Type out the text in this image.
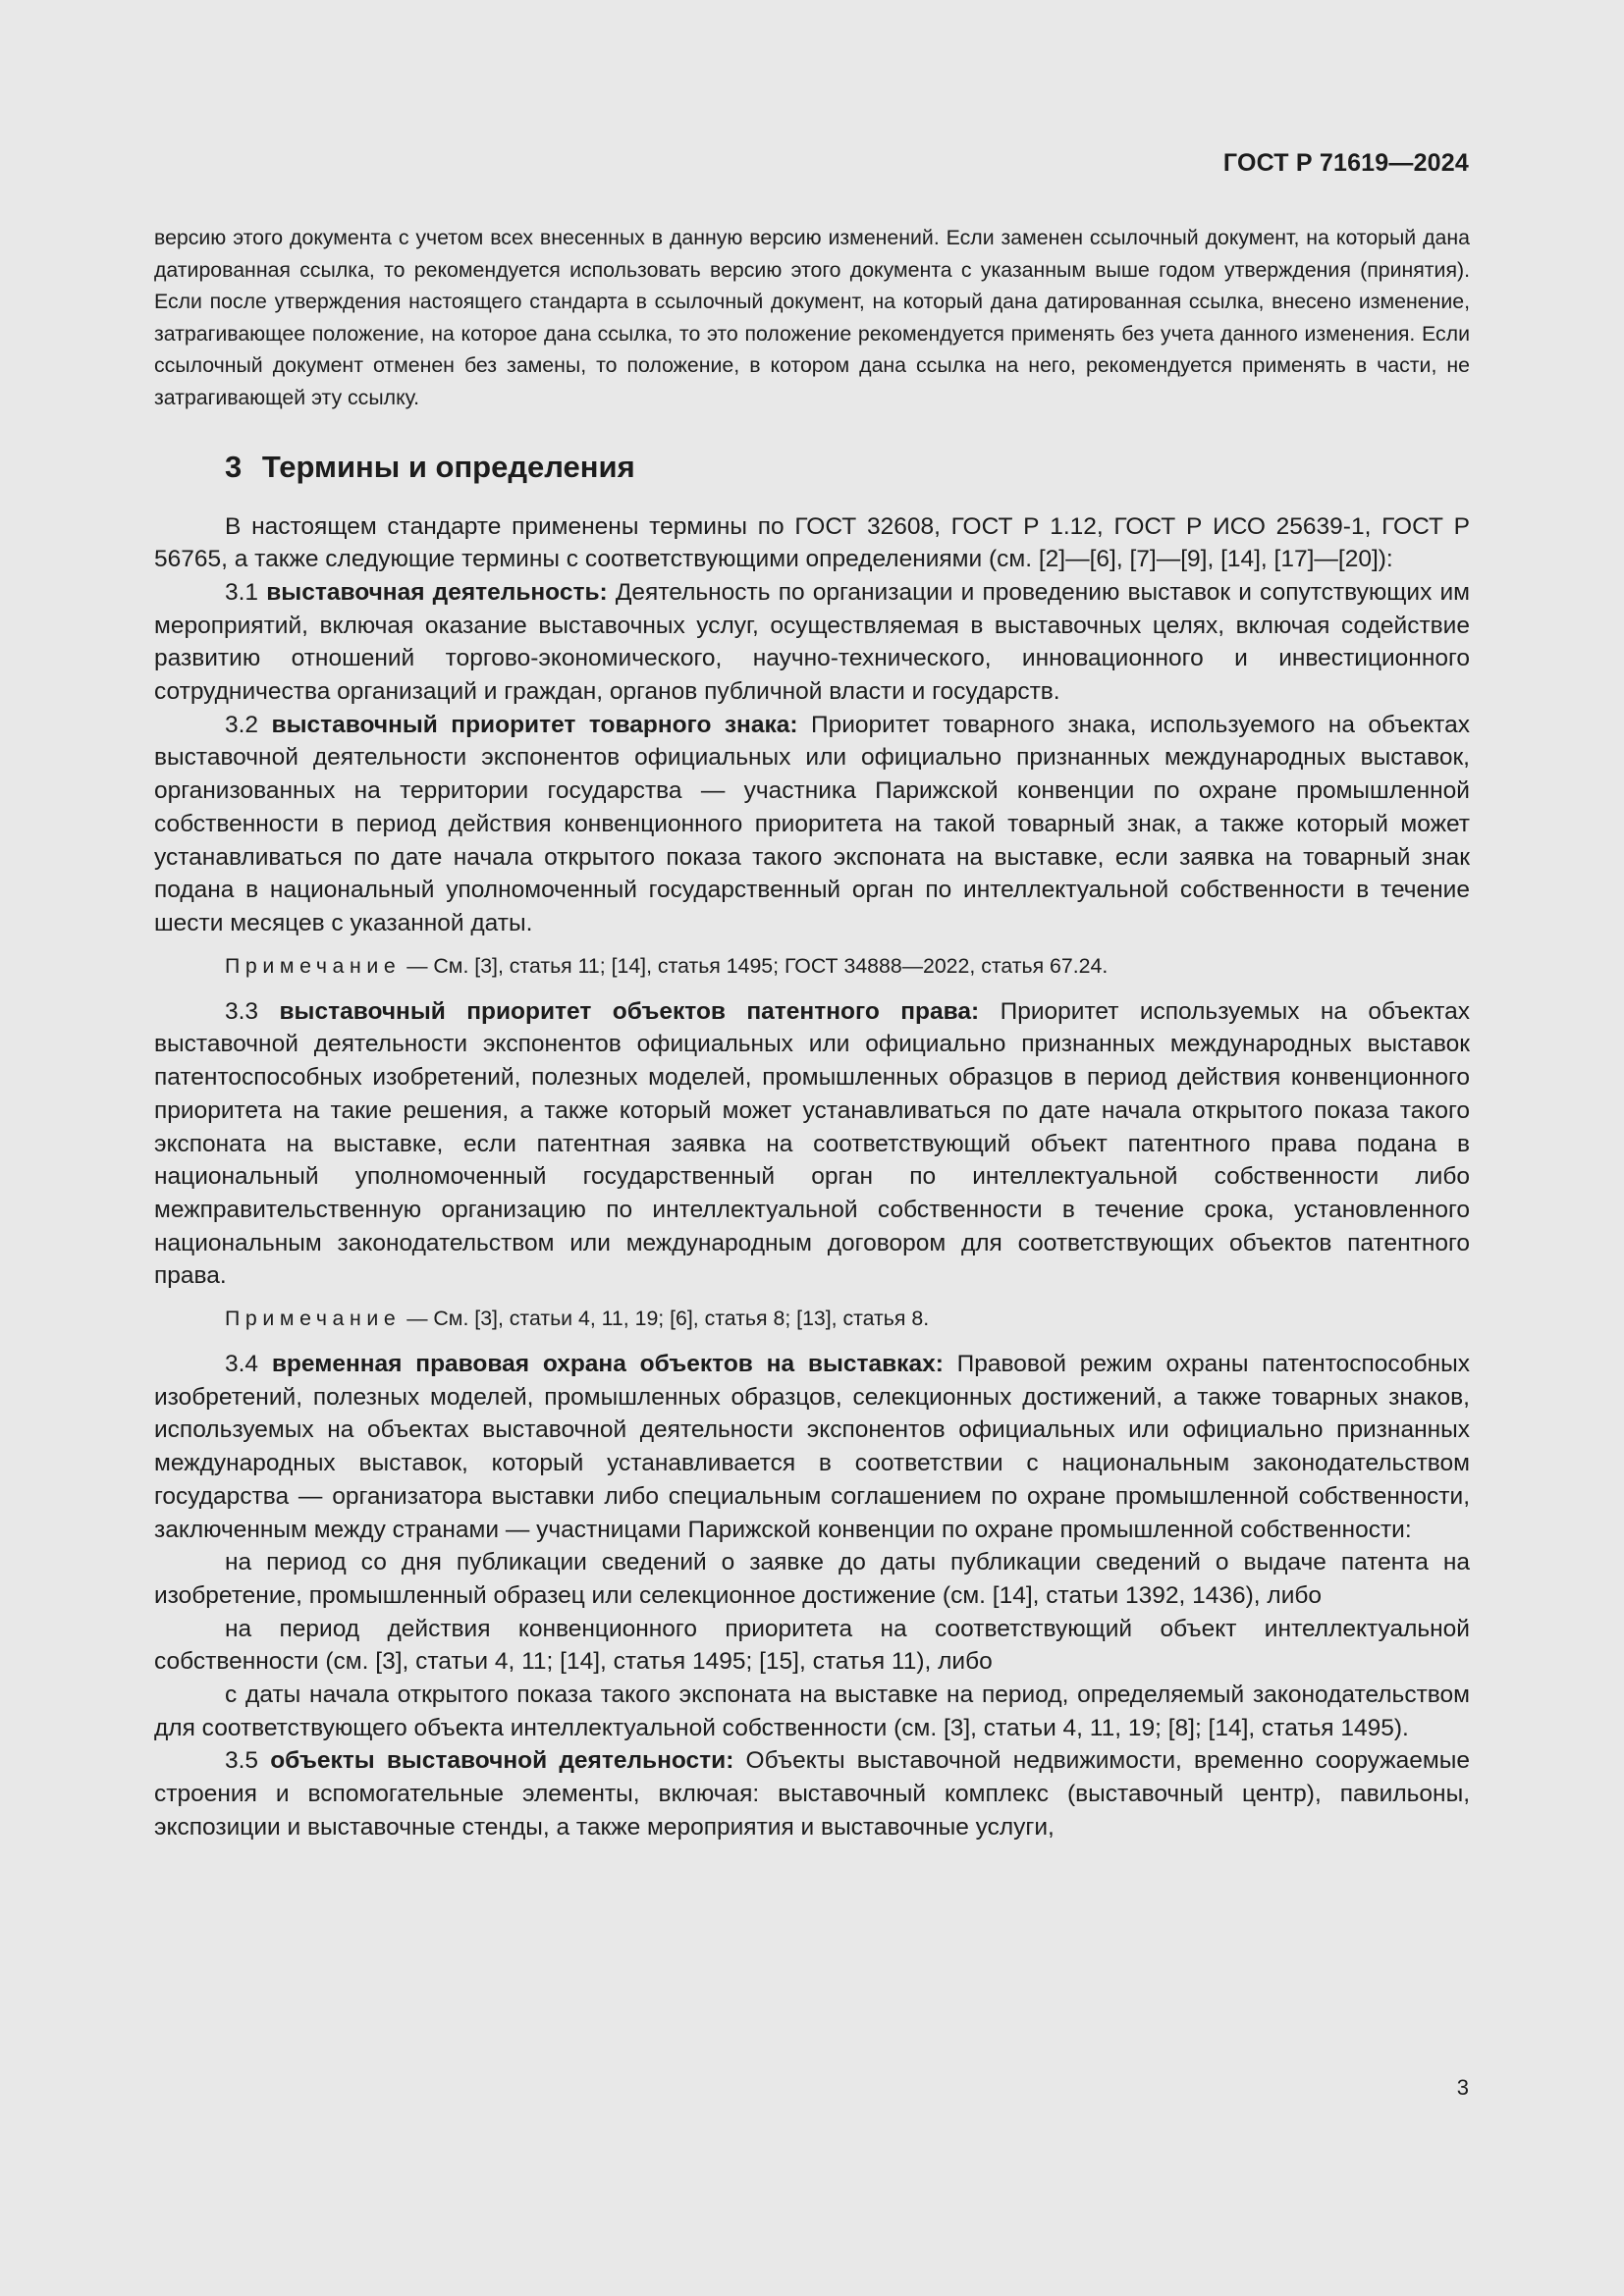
ГОСТ Р 71619—2024

версию этого документа с учетом всех внесенных в данную версию изменений. Если заменен ссылочный документ, на который дана датированная ссылка, то рекомендуется использовать версию этого документа с указанным выше годом утверждения (принятия). Если после утверждения настоящего стандарта в ссылочный документ, на который дана датированная ссылка, внесено изменение, затрагивающее положение, на которое дана ссылка, то это положение рекомендуется применять без учета данного изменения. Если ссылочный документ отменен без замены, то положение, в котором дана ссылка на него, рекомендуется применять в части, не затрагивающей эту ссылку.

3 Термины и определения

В настоящем стандарте применены термины по ГОСТ 32608, ГОСТ Р 1.12, ГОСТ Р ИСО 25639-1, ГОСТ Р 56765, а также следующие термины с соответствующими определениями (см. [2]—[6], [7]—[9], [14], [17]—[20]):

3.1 выставочная деятельность: Деятельность по организации и проведению выставок и сопутствующих им мероприятий, включая оказание выставочных услуг, осуществляемая в выставочных целях, включая содействие развитию отношений торгово-экономического, научно-технического, инновационного и инвестиционного сотрудничества организаций и граждан, органов публичной власти и государств.

3.2 выставочный приоритет товарного знака: Приоритет товарного знака, используемого на объектах выставочной деятельности экспонентов официальных или официально признанных международных выставок, организованных на территории государства — участника Парижской конвенции по охране промышленной собственности в период действия конвенционного приоритета на такой товарный знак, а также который может устанавливаться по дате начала открытого показа такого экспоната на выставке, если заявка на товарный знак подана в национальный уполномоченный государственный орган по интеллектуальной собственности в течение шести месяцев с указанной даты.

Примечание — См. [3], статья 11; [14], статья 1495; ГОСТ 34888—2022, статья 67.24.

3.3 выставочный приоритет объектов патентного права: Приоритет используемых на объектах выставочной деятельности экспонентов официальных или официально признанных международных выставок патентоспособных изобретений, полезных моделей, промышленных образцов в период действия конвенционного приоритета на такие решения, а также который может устанавливаться по дате начала открытого показа такого экспоната на выставке, если патентная заявка на соответствующий объект патентного права подана в национальный уполномоченный государственный орган по интеллектуальной собственности либо межправительственную организацию по интеллектуальной собственности в течение срока, установленного национальным законодательством или международным договором для соответствующих объектов патентного права.

Примечание — См. [3], статьи 4, 11, 19; [6], статья 8; [13], статья 8.

3.4 временная правовая охрана объектов на выставках: Правовой режим охраны патентоспособных изобретений, полезных моделей, промышленных образцов, селекционных достижений, а также товарных знаков, используемых на объектах выставочной деятельности экспонентов официальных или официально признанных международных выставок, который устанавливается в соответствии с национальным законодательством государства — организатора выставки либо специальным соглашением по охране промышленной собственности, заключенным между странами — участницами Парижской конвенции по охране промышленной собственности:

на период со дня публикации сведений о заявке до даты публикации сведений о выдаче патента на изобретение, промышленный образец или селекционное достижение (см. [14], статьи 1392, 1436), либо

на период действия конвенционного приоритета на соответствующий объект интеллектуальной собственности (см. [3], статьи 4, 11; [14], статья 1495; [15], статья 11), либо

с даты начала открытого показа такого экспоната на выставке на период, определяемый законодательством для соответствующего объекта интеллектуальной собственности (см. [3], статьи 4, 11, 19; [8]; [14], статья 1495).

3.5 объекты выставочной деятельности: Объекты выставочной недвижимости, временно сооружаемые строения и вспомогательные элементы, включая: выставочный комплекс (выставочный центр), павильоны, экспозиции и выставочные стенды, а также мероприятия и выставочные услуги,

3
